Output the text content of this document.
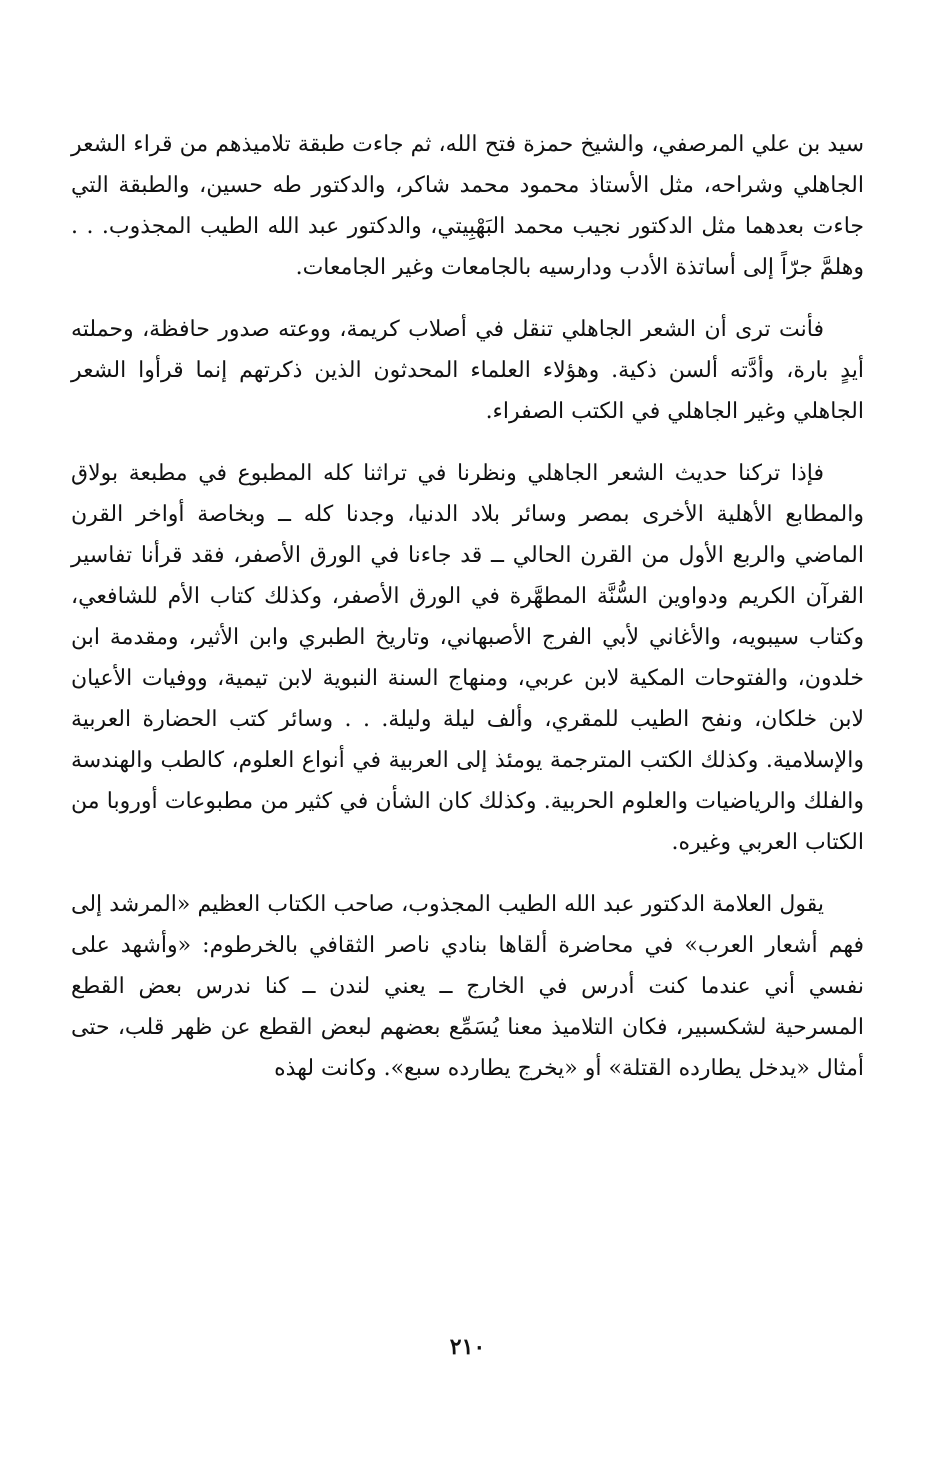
سيد بن علي المرصفي، والشيخ حمزة فتح الله، ثم جاءت طبقة تلاميذهم من قراء الشعر الجاهلي وشراحه، مثل الأستاذ محمود محمد شاكر، والدكتور طه حسين، والطبقة التي جاءت بعدهما مثل الدكتور نجيب محمد البَهْبِيتي، والدكتور عبد الله الطيب المجذوب. . . وهلمَّ جرّاً إلى أساتذة الأدب ودارسيه بالجامعات وغير الجامعات.

فأنت ترى أن الشعر الجاهلي تنقل في أصلاب كريمة، ووعته صدور حافظة، وحملته أيدٍ بارة، وأدَّته ألسن ذكية. وهؤلاء العلماء المحدثون الذين ذكرتهم إنما قرأوا الشعر الجاهلي وغير الجاهلي في الكتب الصفراء.

فإذا تركنا حديث الشعر الجاهلي ونظرنا في تراثنا كله المطبوع في مطبعة بولاق والمطابع الأهلية الأخرى بمصر وسائر بلاد الدنيا، وجدنا كله ــ وبخاصة أواخر القرن الماضي والربع الأول من القرن الحالي ــ قد جاءنا في الورق الأصفر، فقد قرأنا تفاسير القرآن الكريم ودواوين السُّنَّة المطهَّرة في الورق الأصفر، وكذلك كتاب الأم للشافعي، وكتاب سيبويه، والأغاني لأبي الفرج الأصبهاني، وتاريخ الطبري وابن الأثير، ومقدمة ابن خلدون، والفتوحات المكية لابن عربي، ومنهاج السنة النبوية لابن تيمية، ووفيات الأعيان لابن خلكان، ونفح الطيب للمقري، وألف ليلة وليلة. . . وسائر كتب الحضارة العربية والإسلامية. وكذلك الكتب المترجمة يومئذ إلى العربية في أنواع العلوم، كالطب والهندسة والفلك والرياضيات والعلوم الحربية. وكذلك كان الشأن في كثير من مطبوعات أوروبا من الكتاب العربي وغيره.

يقول العلامة الدكتور عبد الله الطيب المجذوب، صاحب الكتاب العظيم «المرشد إلى فهم أشعار العرب» في محاضرة ألقاها بنادي ناصر الثقافي بالخرطوم: «وأشهد على نفسي أني عندما كنت أدرس في الخارج ــ يعني لندن ــ كنا ندرس بعض القطع المسرحية لشكسبير، فكان التلاميذ معنا يُسَمِّع بعضهم لبعض القطع عن ظهر قلب، حتى أمثال «يدخل يطارده القتلة» أو «يخرج يطارده سبع». وكانت لهذه

٢١٠
